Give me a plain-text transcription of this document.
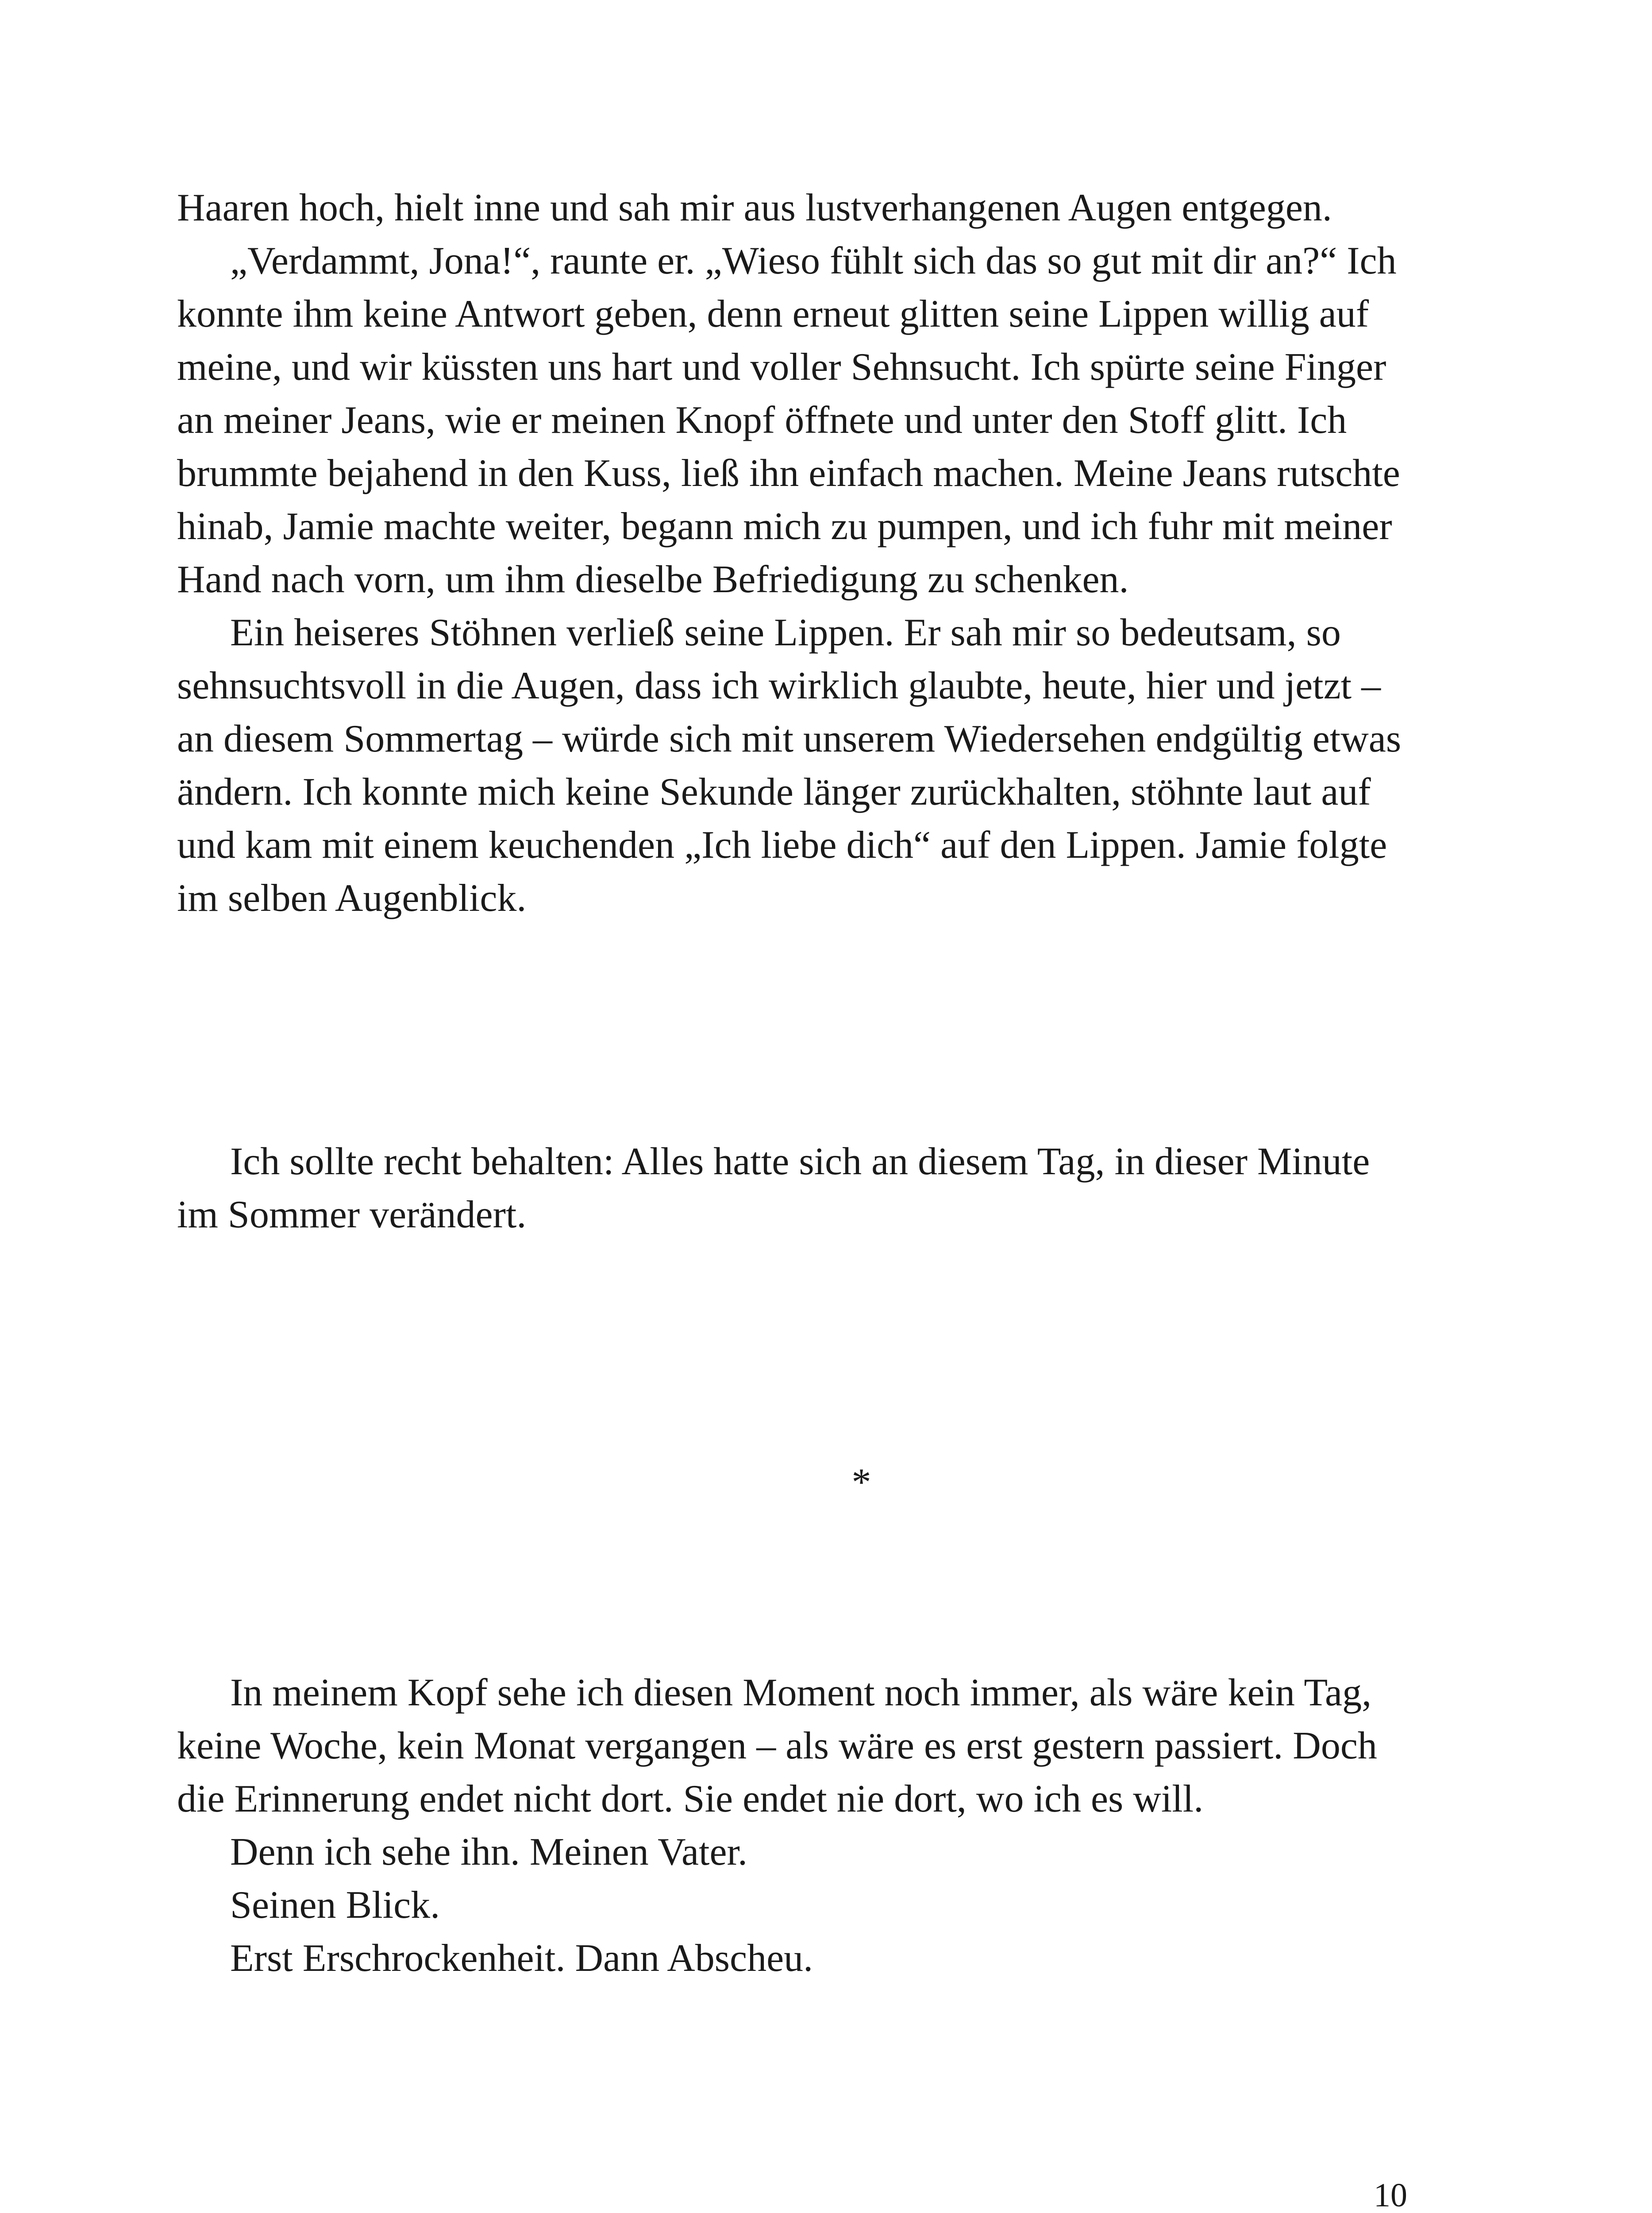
Haaren hoch, hielt inne und sah mir aus lustverhangenen Augen entgegen.

„Verdammt, Jona!“, raunte er. „Wieso fühlt sich das so gut mit dir an?“ Ich konnte ihm keine Antwort geben, denn erneut glitten seine Lippen willig auf meine, und wir küssten uns hart und voller Sehnsucht. Ich spürte seine Finger an meiner Jeans, wie er meinen Knopf öffnete und unter den Stoff glitt. Ich brummte bejahend in den Kuss, ließ ihn einfach machen. Meine Jeans rutschte hinab, Jamie machte weiter, begann mich zu pumpen, und ich fuhr mit meiner Hand nach vorn, um ihm dieselbe Befriedigung zu schenken.

Ein heiseres Stöhnen verließ seine Lippen. Er sah mir so bedeutsam, so sehnsuchtsvoll in die Augen, dass ich wirklich glaubte, heute, hier und jetzt – an diesem Sommertag – würde sich mit unserem Wiedersehen endgültig etwas ändern. Ich konnte mich keine Sekunde länger zurückhalten, stöhnte laut auf und kam mit einem keuchenden „Ich liebe dich“ auf den Lippen. Jamie folgte im selben Augenblick.

Ich sollte recht behalten: Alles hatte sich an diesem Tag, in dieser Minute im Sommer verändert.

*

In meinem Kopf sehe ich diesen Moment noch immer, als wäre kein Tag, keine Woche, kein Monat vergangen – als wäre es erst gestern passiert. Doch die Erinnerung endet nicht dort. Sie endet nie dort, wo ich es will.

Denn ich sehe ihn. Meinen Vater.

Seinen Blick.

Erst Erschrockenheit. Dann Abscheu.

10
